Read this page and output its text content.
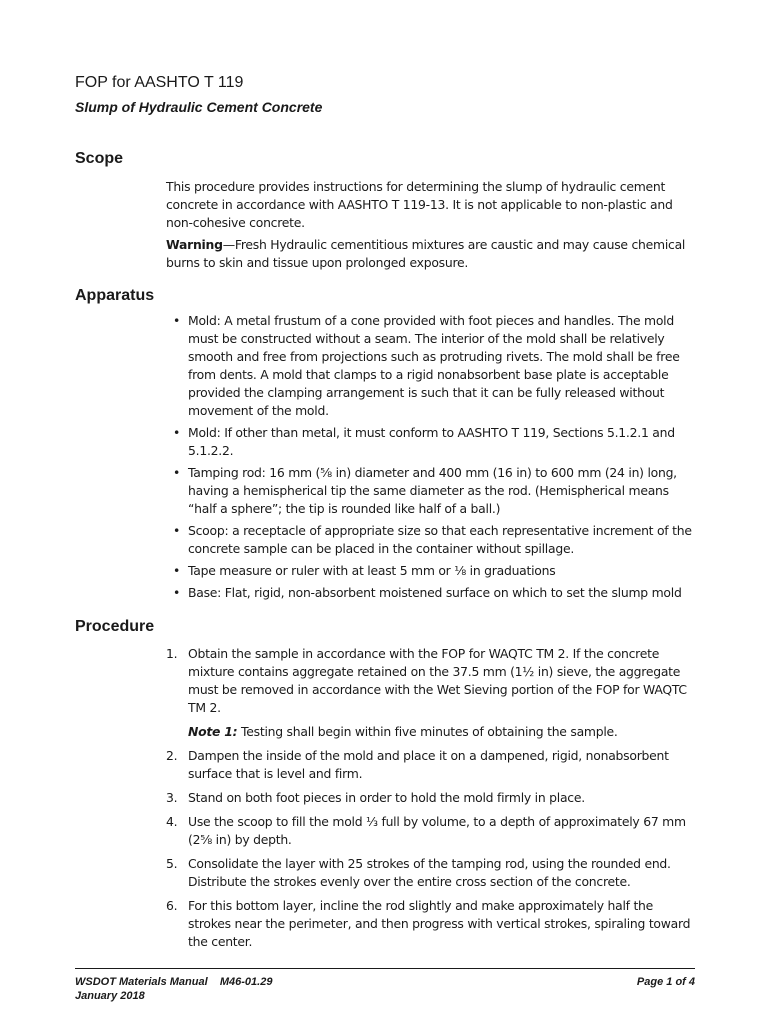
FOP for AASHTO T 119
Slump of Hydraulic Cement Concrete
Scope

This procedure provides instructions for determining the slump of hydraulic cement concrete in accordance with AASHTO T 119-13. It is not applicable to non-plastic and non-cohesive concrete.

Warning—Fresh Hydraulic cementitious mixtures are caustic and may cause chemical burns to skin and tissue upon prolonged exposure.

Apparatus
• Mold: A metal frustum of a cone provided with foot pieces and handles. The mold must be constructed without a seam. The interior of the mold shall be relatively smooth and free from projections such as protruding rivets. The mold shall be free from dents. A mold that clamps to a rigid nonabsorbent base plate is acceptable provided the clamping arrangement is such that it can be fully released without movement of the mold.
• Mold: If other than metal, it must conform to AASHTO T 119, Sections 5.1.2.1 and 5.1.2.2.
• Tamping rod: 16 mm (⅝ in) diameter and 400 mm (16 in) to 600 mm (24 in) long, having a hemispherical tip the same diameter as the rod. (Hemispherical means “half a sphere”; the tip is rounded like half of a ball.)
• Scoop: a receptacle of appropriate size so that each representative increment of the concrete sample can be placed in the container without spillage.
• Tape measure or ruler with at least 5 mm or ⅛ in graduations
• Base: Flat, rigid, non-absorbent moistened surface on which to set the slump mold
Procedure
1. Obtain the sample in accordance with the FOP for WAQTC TM 2. If the concrete mixture contains aggregate retained on the 37.5 mm (1½ in) sieve, the aggregate must be removed in accordance with the Wet Sieving portion of the FOP for WAQTC TM 2.

Note 1: Testing shall begin within five minutes of obtaining the sample.

2. Dampen the inside of the mold and place it on a dampened, rigid, nonabsorbent surface that is level and firm.
3. Stand on both foot pieces in order to hold the mold firmly in place.
4. Use the scoop to fill the mold ⅓ full by volume, to a depth of approximately 67 mm (2⅝ in) by depth.
5. Consolidate the layer with 25 strokes of the tamping rod, using the rounded end. Distribute the strokes evenly over the entire cross section of the concrete.
6. For this bottom layer, incline the rod slightly and make approximately half the strokes near the perimeter, and then progress with vertical strokes, spiraling toward the center.
WSDOT Materials Manual    M46-01.29
January 2018
Page 1 of 4
